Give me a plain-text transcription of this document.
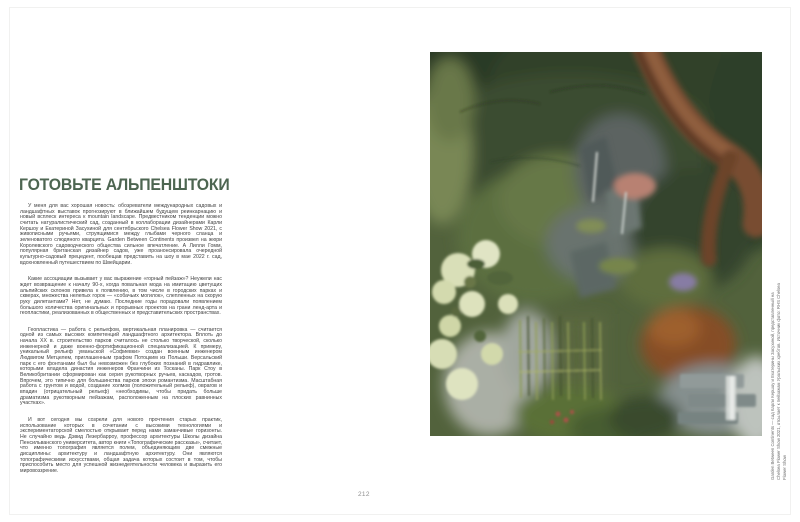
ГОТОВЬТЕ АЛЬПЕНШТОКИ

У меня для вас хорошая новость: обозреватели международных садовых и ландшафтных выставок прогнозируют в ближайшем будущем реинкарнацию и новый всплеск интереса к mountain landscape. Предвестником тенденции можно считать натуралистический сад, созданный в коллаборации дизайнерами Карли Кершоу и Екатериной Засухиной для сентябрьского Chelsea Flower Show 2021, с живописными ручьями, струящимися между глыбами черного сланца и зеленоватого слюдяного кварцита. Garden Between Continents произвел на жюри Королевского садоводческого общества сильное впечатление. А Лилли Гомм, популярная британская дизайнер садов, уже проанонсировала очередной культурно-садовый прецедент, пообещав представить на шоу в мае 2022 г. сад, вдохновленный путешествием по Швейцарии.

Какие ассоциации вызывает у вас выражение «горный пейзаж»? Неужели нас ждет возвращение к началу 90-х, когда повальная мода на имитацию цветущих альпийских склонов привела к появлению, в том числе в городских парках и скверах, множества нелепых горок — «собачьих могилок», слепленных на скорую руку дилетантами? Нет, не думаю. Последние годы порадовали появлением большого количества оригинальных и прорывных проектов на грани ленд-арта и геопластики, реализованных в общественных и представительских пространствах.

Геопластика — работа с рельефом, вертикальная планировка — считается одной из самых высоких компетенций ландшафтного архитектора. Вплоть до начала XX в. строительство парков считалось не столько творческой, сколько инженерной и даже военно-фортификационной специализацией. К примеру, уникальный рельеф уманьской «Софиевки» создан военным инженером Людвигом Метцелем, приглашенным графом Потоцким из Польши. Версальский парк с его фонтанами был бы невозможен без глубоких познаний в гидравлике, которыми владела династия инженеров Франчини из Тосканы. Парк Стоу в Великобритании сформирован как серия рукотворных ручьев, каскадов, гротов. Впрочем, это типично для большинства парков эпохи романтизма. Масштабная работа с грунтом и водой, создание холмов (положительный рельеф), оврагов и впадин (отрицательный рельеф) «необходимы, чтобы придать больше драматизма рукотворным пейзажам, расположенным на плоских равнинных участках».

И вот сегодня мы созрели для нового прочтения старых практик, использование которых в сочетании с высокими технологиями и экспериментаторской смелостью открывает перед нами заманчивые горизонты. Не случайно ведь Дэвид Лезербарроу, профессор архитектуры Школы дизайна Пенсильванского университета, автор книги «Топографические рассказы», считает, что именно топография является полем, объединяющим две смежные дисциплины: архитектуру и ландшафтную архитектуру. Они являются топографическими искусствами, общая задача которых состоит в том, чтобы приспособить место для успешной жизнедеятельности человека и выразить его мировоззрение.

212
Garden Between Continents — сад Карли Кершоу и Екатерины Засухиной, представленный на Chelsea Flower Show 2021, отсылает к пейзажам Уральских хребтов. Источник фото: RHS Chelsea Flower Show
